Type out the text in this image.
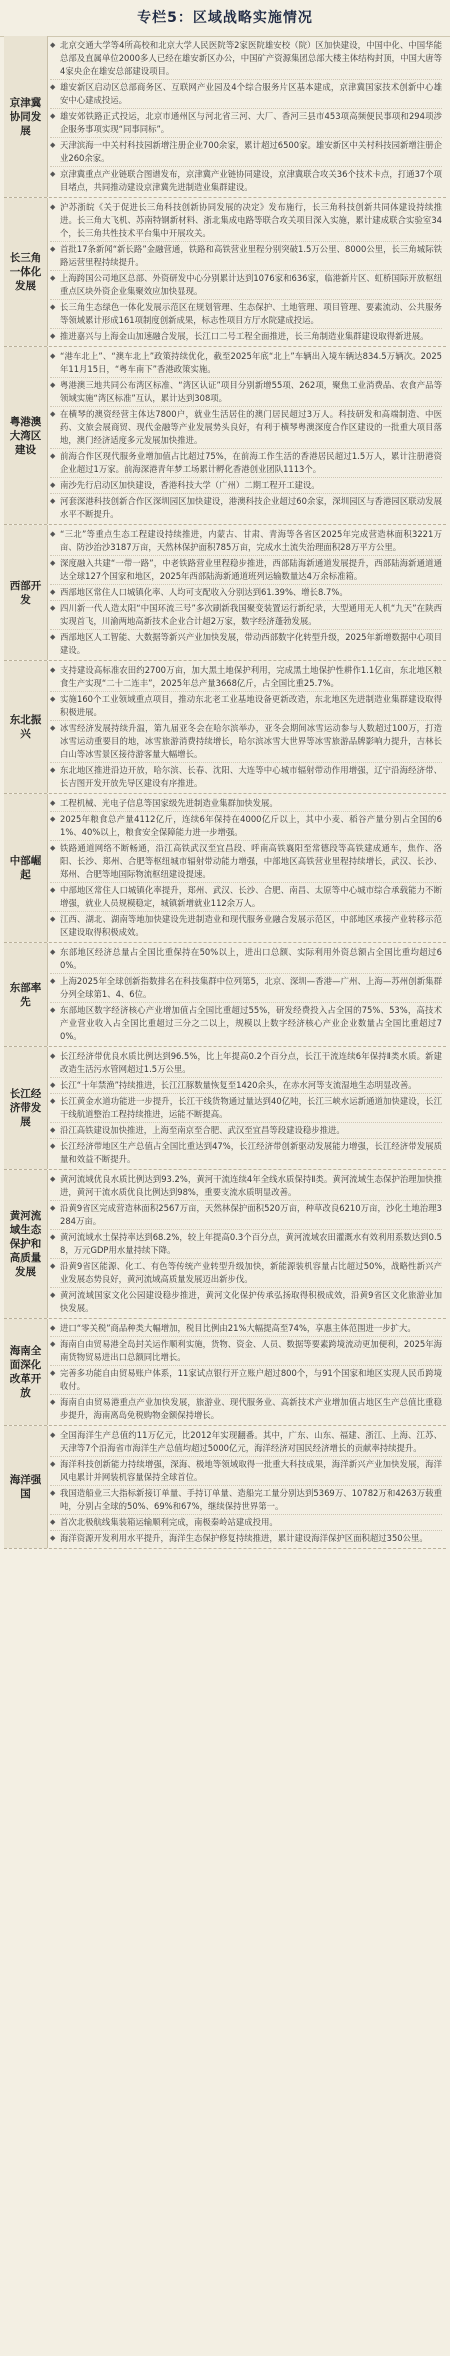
专栏5：区域战略实施情况
京津冀协同发展
◆ 北京交通大学等4所高校和北京大学人民医院等2家医院雄安校（院）区加快建设，中国中化、中国华能总部及直属单位2000多人已经在雄安新区办公，中国矿产资源集团总部大楼主体结构封顶，中国大唐等4家央企在雄安总部建设项目。
◆ 雄安新区启动区总部商务区、互联网产业园及4个综合服务片区基本建成，京津冀国家技术创新中心雄安中心建成投运。
◆ 雄安郊铁路正式投运，北京市通州区与河北省三河、大厂、香河三县市453项高频便民事项和294项涉企服务事项实现“同事同标”。
◆ 天津滨海一中关村科技园新增注册企业700余家，累计超过6500家。雄安新区中关村科技园新增注册企业260余家。
◆ 京津冀重点产业链联合图谱发布，京津冀产业链协同建设，京津冀联合攻关36个技术卡点，打通37个项目堵点，共同推动建设京津冀先进制造业集群建设。
长三角一体化发展
◆ 沪苏浙皖《关于促进长三角科技创新协同发展的决定》发布施行，长三角科技创新共同体建设持续推进。长三角大飞机、苏南特钢新材料、浙北集成电路等联合攻关项目深入实施，累计建成联合实验室34个，长三角共性技术平台集中开展攻关。
◆ 首批17条新闻“新长路”金融营通，铁路和高铁营业里程分别突破1.5万公里、8000公里，长三角城际铁路运营里程持续提升。
◆ 上海跨国公司地区总部、外资研发中心分别累计达到1076家和636家，临港新片区、虹桥国际开放枢纽重点区块外资企业集聚效应加快显现。
◆ 长三角生态绿色一体化发展示范区在规划管理、生态保护、土地管理、项目管理、要素流动、公共服务等领域累计形成161项制度创新成果，标志性项目方厅水院建成投运。
◆ 推进嘉兴与上海金山加速融合发展，长江口二号工程全面推进，长三角制造业集群建设取得新进展。
粤港澳大湾区建设
◆ “港车北上”、“澳车北上”政策持续优化，截至2025年底“北上”车辆出入境车辆达834.5万辆次。2025年11月15日，“粤车南下”香港政策实施。
◆ 粤港澳三地共同公布湾区标准、“湾区认证”项目分别新增55项、262项，聚焦工业消费品、农食产品等领域实施“湾区标准”互认，累计达到308项。
◆ 在横琴的澳资经营主体达7800户，就业生活居住的澳门居民超过3万人。科技研发和高端制造、中医药、文旅会展商贸、现代金融等产业发展势头良好，有利于横琴粤澳深度合作区建设的一批重大项目落地，澳门经济适度多元发展加快推进。
◆ 前海合作区现代服务业增加值占比超过75%，在前海工作生活的香港居民超过1.5万人，累计注册港资企业超过1万家。前海深港青年梦工场累计孵化香港创业团队1113个。
◆ 南沙先行启动区加快建设，香港科技大学（广州）二期工程开工建设。
◆ 河套深港科技创新合作区深圳园区加快建设，港澳科技企业超过60余家，深圳园区与香港园区联动发展水平不断提升。
西部开发
◆ “三北”等重点生态工程建设持续推进，内蒙古、甘肃、青海等各省区2025年完成营造林面积3221万亩、防沙治沙3187万亩，天然林保护面积785万亩，完成水土流失治理面积28万平方公里。
◆ 深度融入共建“一带一路”，中老铁路营业里程稳步推进，西部陆海新通道发展提升，西部陆海新通道通达全球127个国家和地区，2025年西部陆海新通道班列运输数量达4万余标准箱。
◆ 西部地区常住人口城镇化率、人均可支配收入分别达到61.39%、增长8.7%。
◆ 四川新一代人造太阳“中国环流三号”多次刷新我国聚变装置运行新纪录，大型通用无人机“九天”在陕西实现首飞，川渝两地高新技术企业合计超2万家，数字经济蓬勃发展。
◆ 西部地区人工智能、大数据等新兴产业加快发展，带动西部数字化转型升级，2025年新增数据中心项目建设。
东北振兴
◆ 支持建设高标准农田约2700万亩，加大黑土地保护利用，完成黑土地保护性耕作1.1亿亩，东北地区粮食生产实现“二十二连丰”，2025年总产量3668亿斤，占全国比重25.7%。
◆ 实施160个工业领域重点项目，推动东北老工业基地设备更新改造，东北地区先进制造业集群建设取得积极进展。
◆ 冰雪经济发展持续升温，第九届亚冬会在哈尔滨举办，亚冬会期间冰雪运动参与人数超过100万，打造冰雪运动重要目的地，冰雪旅游消费持续增长，哈尔滨冰雪大世界等冰雪旅游品牌影响力提升，吉林长白山等冰雪景区接待游客量大幅增长。
◆ 东北地区推进沿边开放，哈尔滨、长春、沈阳、大连等中心城市辐射带动作用增强，辽宁沿海经济带、长吉图开发开放先导区建设有序推进。
中部崛起
◆ 工程机械、光电子信息等国家级先进制造业集群加快发展。
◆ 2025年粮食总产量4112亿斤，连续6年保持在4000亿斤以上，其中小麦、稻谷产量分别占全国的61%、40%以上，粮食安全保障能力进一步增强。
◆ 铁路通道网络不断畅通，沿江高铁武汉至宜昌段、呼南高铁襄阳至常德段等高铁建成通车，焦作、洛阳、长沙、郑州、合肥等枢纽城市辐射带动能力增强，中部地区高铁营业里程持续增长，武汉、长沙、郑州、合肥等地国际物流枢纽建设提速。
◆ 中部地区常住人口城镇化率提升，郑州、武汉、长沙、合肥、南昌、太原等中心城市综合承载能力不断增强，就业人员规模稳定，城镇新增就业112余万人。
◆ 江西、湖北、湖南等地加快建设先进制造业和现代服务业融合发展示范区，中部地区承接产业转移示范区建设取得积极成效。
东部率先
◆ 东部地区经济总量占全国比重保持在50%以上，进出口总额、实际利用外资总额占全国比重均超过60%。
◆ 上海2025年全球创新指数排名在科技集群中位列第5，北京、深圳—香港—广州、上海—苏州创新集群分列全球第1、4、6位。
◆ 东部地区数字经济核心产业增加值占全国比重超过55%，研发经费投入占全国的75%、53%，高技术产业营业收入占全国比重超过三分之二以上，规模以上数字经济核心产业企业数量占全国比重超过70%。
长江经济带发展
◆ 长江经济带优良水质比例达到96.5%，比上年提高0.2个百分点，长江干流连续6年保持Ⅱ类水质。新建改造生活污水管网超过1.5万公里。
◆ 长江“十年禁渔”持续推进，长江江豚数量恢复至1420余头，在赤水河等支流湿地生态明显改善。
◆ 长江黄金水道功能进一步提升，长江干线货物通过量达到40亿吨，长江三峡水运新通道加快建设，长江干线航道整治工程持续推进，运能不断提高。
◆ 沿江高铁建设加快推进，上海至南京至合肥、武汉至宜昌等段建设稳步推进。
◆ 长江经济带地区生产总值占全国比重达到47%，长江经济带创新驱动发展能力增强，长江经济带发展质量和效益不断提升。
黄河流域生态保护和高质量发展
◆ 黄河流域优良水质比例达到93.2%，黄河干流连续4年全线水质保持Ⅱ类。黄河流域生态保护治理加快推进，黄河干流水质优良比例达到98%，重要支流水质明显改善。
◆ 沿黄9省区完成营造林面积2567万亩，天然林保护面积520万亩，种草改良6210万亩，沙化土地治理3284万亩。
◆ 黄河流域水土保持率达到68.2%，较上年提高0.3个百分点，黄河流域农田灌溉水有效利用系数达到0.58，万元GDP用水量持续下降。
◆ 沿黄9省区能源、化工、有色等传统产业转型升级加快，新能源装机容量占比超过50%，战略性新兴产业发展态势良好，黄河流域高质量发展迈出新步伐。
◆ 黄河流域国家文化公园建设稳步推进，黄河文化保护传承弘扬取得积极成效，沿黄9省区文化旅游业加快发展。
海南全面深化改革开放
◆ 进口“零关税”商品种类大幅增加，税目比例由21%大幅提高至74%，享惠主体范围进一步扩大。
◆ 海南自由贸易港全岛封关运作顺利实施，货物、资金、人员、数据等要素跨境流动更加便利，2025年海南货物贸易进出口总额同比增长。
◆ 完善多功能自由贸易账户体系，11家试点银行开立账户超过800个，与91个国家和地区实现人民币跨境收付。
◆ 海南自由贸易港重点产业加快发展，旅游业、现代服务业、高新技术产业增加值占地区生产总值比重稳步提升，海南离岛免税购物金额保持增长。
海洋强国
◆ 全国海洋生产总值约11万亿元，比2012年实现翻番。其中，广东、山东、福建、浙江、上海、江苏、天津等7个沿海省市海洋生产总值均超过5000亿元，海洋经济对国民经济增长的贡献率持续提升。
◆ 海洋科技创新能力持续增强，深海、极地等领域取得一批重大科技成果，海洋新兴产业加快发展，海洋风电累计并网装机容量保持全球首位。
◆ 我国造船业三大指标新接订单量、手持订单量、造船完工量分别达到5369万、10782万和4263万载重吨，分别占全球的50%、69%和67%，继续保持世界第一。
◆ 首次北极航线集装箱运输顺利完成，南极秦岭站建成投用。
◆ 海洋资源开发利用水平提升，海洋生态保护修复持续推进，累计建设海洋保护区面积超过350公里。
